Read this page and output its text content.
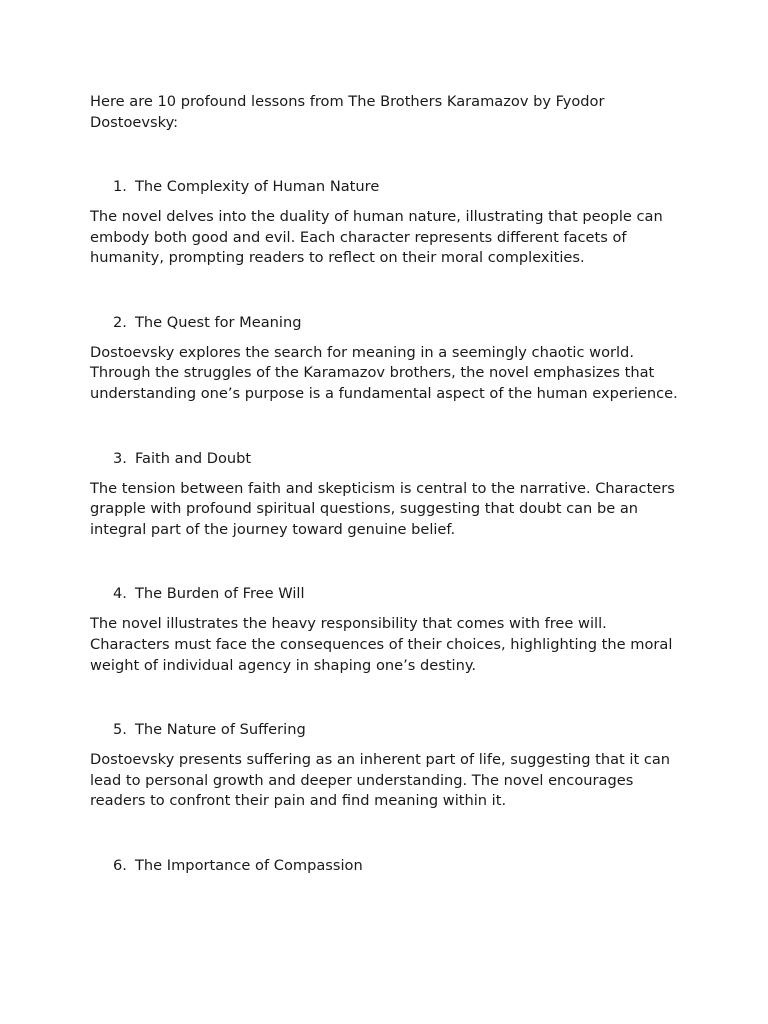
Here are 10 profound lessons from The Brothers Karamazov by Fyodor Dostoevsky:

1. The Complexity of Human Nature

The novel delves into the duality of human nature, illustrating that people can embody both good and evil. Each character represents different facets of humanity, prompting readers to reflect on their moral complexities.

2. The Quest for Meaning

Dostoevsky explores the search for meaning in a seemingly chaotic world. Through the struggles of the Karamazov brothers, the novel emphasizes that understanding one’s purpose is a fundamental aspect of the human experience.

3. Faith and Doubt

The tension between faith and skepticism is central to the narrative. Characters grapple with profound spiritual questions, suggesting that doubt can be an integral part of the journey toward genuine belief.

4. The Burden of Free Will

The novel illustrates the heavy responsibility that comes with free will. Characters must face the consequences of their choices, highlighting the moral weight of individual agency in shaping one’s destiny.

5. The Nature of Suffering

Dostoevsky presents suffering as an inherent part of life, suggesting that it can lead to personal growth and deeper understanding. The novel encourages readers to confront their pain and find meaning within it.

6. The Importance of Compassion
